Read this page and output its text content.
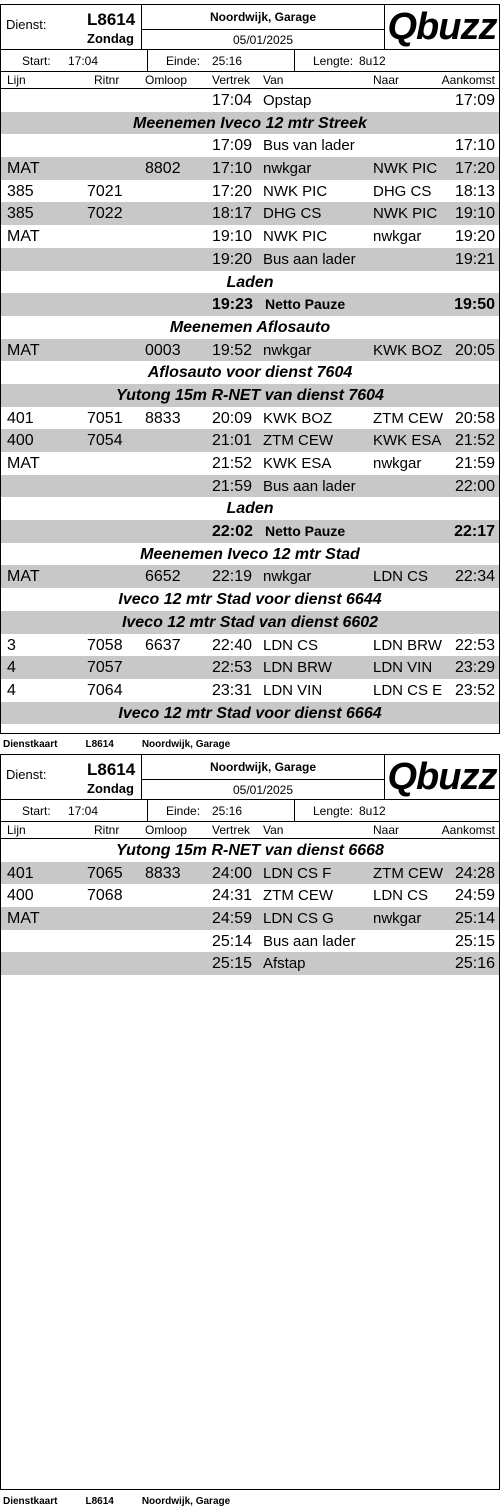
Dienst: L8614
Zondag
Noordwijk, Garage
05/01/2025	Qbuzz
Start: 17:04	Einde: 25:16	Lengte: 8u12
Lijn	Ritnr Omloop Vertrek Van	Naar	Aankomst
17:04 Opstap	17:09
Meenemen Iveco 12 mtr Streek
17:09 Bus van lader	17:10
MAT	8802 17:10 nwkgar	NWK PIC 17:20
385	7021	17:20 NWK PIC	DHG CS 18:13
385	7022	18:17 DHG CS	NWK PIC 19:10
MAT	19:10 NWK PIC	nwkgar 19:20
19:20 Bus aan lader	19:21
Laden
19:23 Netto Pauze	19:50
Meenemen Aflosauto
MAT	0003 19:52 nwkgar	KWK BOZ 20:05
Aflosauto voor dienst 7604
Yutong 15m R-NET van dienst 7604
401	7051 8833 20:09 KWK BOZ	ZTM CEW 20:58
400	7054	21:01 ZTM CEW	KWK ESA 21:52
MAT	21:52 KWK ESA	nwkgar 21:59
21:59 Bus aan lader	22:00
Laden
22:02 Netto Pauze	22:17
Meenemen Iveco 12 mtr Stad
MAT	6652 22:19 nwkgar	LDN CS 22:34
Iveco 12 mtr Stad voor dienst 6644
Iveco 12 mtr Stad van dienst 6602
3	7058 6637 22:40 LDN CS	LDN BRW 22:53
4	7057	22:53 LDN BRW	LDN VIN 23:29
4	7064	23:31 LDN VIN	LDN CS E 23:52
Iveco 12 mtr Stad voor dienst 6664
Dienstkaart	L8614	Noordwijk, Garage
Dienst: L8614
Zondag
Noordwijk, Garage
05/01/2025	Qbuzz
Start: 17:04	Einde: 25:16	Lengte: 8u12
Lijn	Ritnr Omloop Vertrek Van	Naar	Aankomst
Yutong 15m R-NET van dienst 6668
401	7065 8833 24:00 LDN CS F	ZTM CEW 24:28
400	7068	24:31 ZTM CEW	LDN CS 24:59
MAT	24:59 LDN CS G	nwkgar 25:14
25:14 Bus aan lader	25:15
25:15 Afstap	25:16
Dienstkaart	L8614	Noordwijk, Garage
